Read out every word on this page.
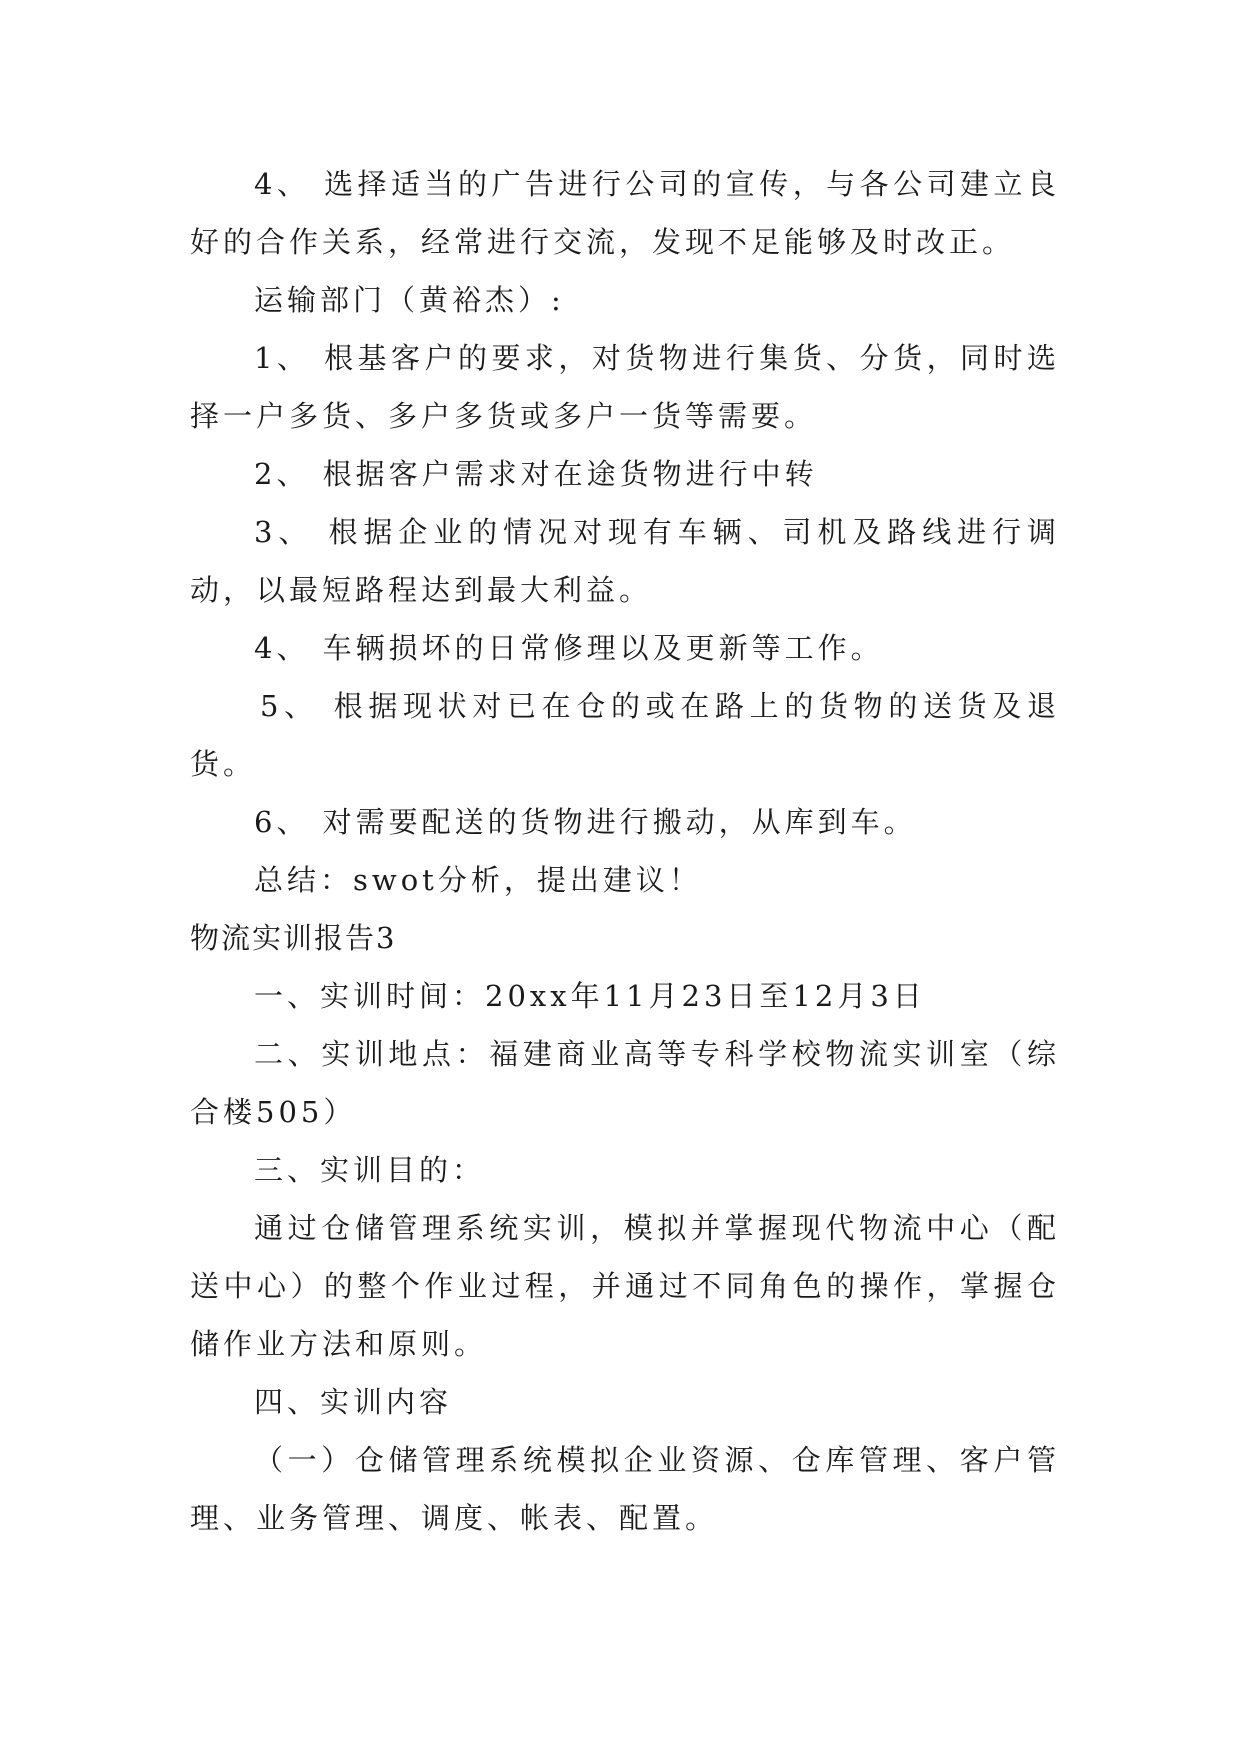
4、 选择适当的广告进行公司的宣传，与各公司建立良好的合作关系，经常进行交流，发现不足能够及时改正。

运输部门（黄裕杰）:

1、 根基客户的要求，对货物进行集货、分货，同时选择一户多货、多户多货或多户一货等需要。

2、 根据客户需求对在途货物进行中转

3、 根据企业的情况对现有车辆、司机及路线进行调动，以最短路程达到最大利益。

4、 车辆损坏的日常修理以及更新等工作。

5、 根据现状对已在仓的或在路上的货物的送货及退货。

6、 对需要配送的货物进行搬动，从库到车。

总结：swot分析，提出建议！

物流实训报告3

一、实训时间：20xx年11月23日至12月3日

二、实训地点：福建商业高等专科学校物流实训室（综合楼505）

三、实训目的：

通过仓储管理系统实训，模拟并掌握现代物流中心（配送中心）的整个作业过程，并通过不同角色的操作，掌握仓储作业方法和原则。

四、实训内容

（一）仓储管理系统模拟企业资源、仓库管理、客户管理、业务管理、调度、帐表、配置。
